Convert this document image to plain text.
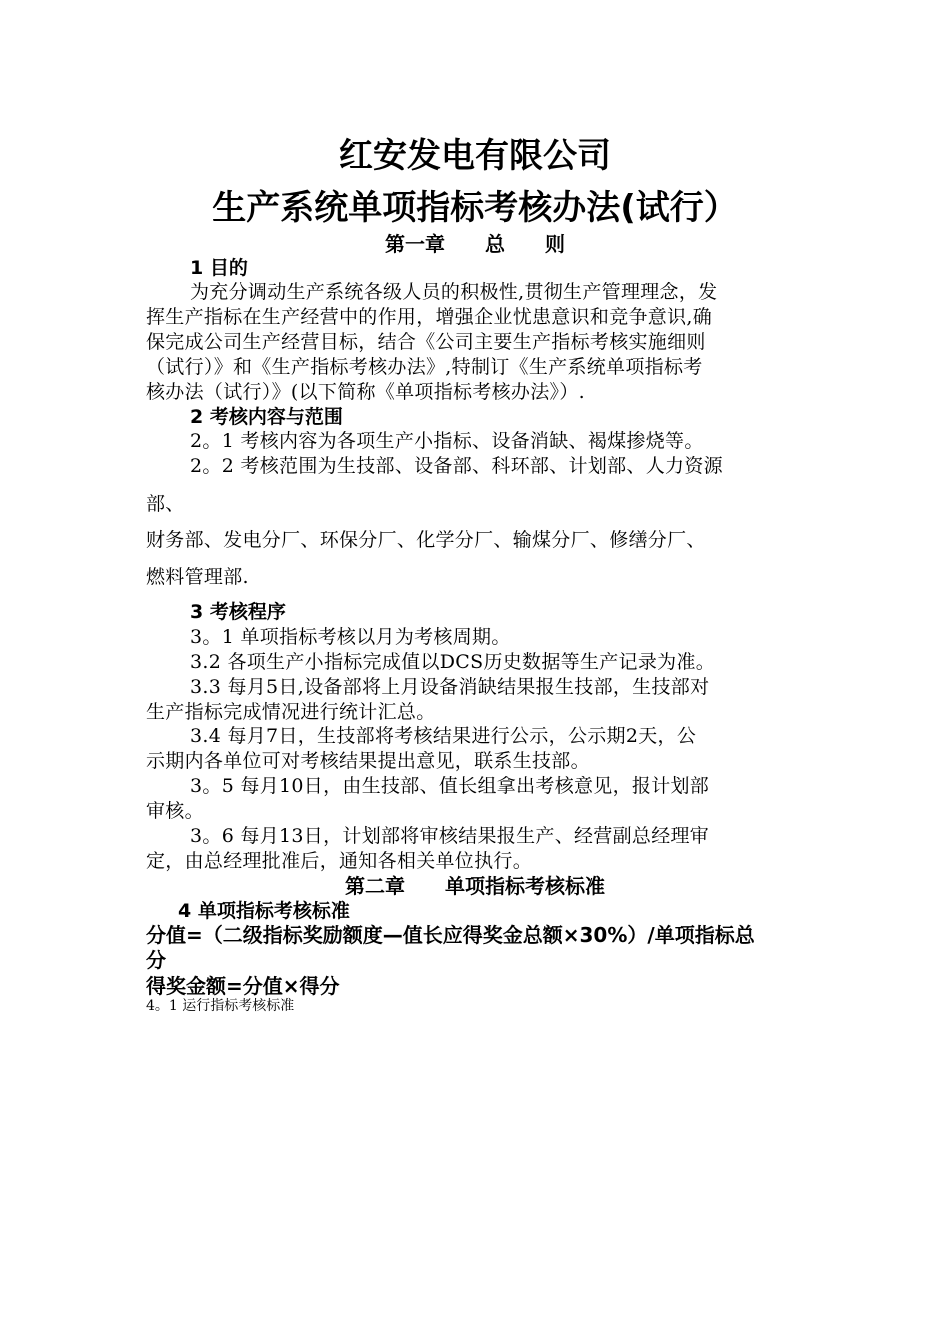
红安发电有限公司
生产系统单项指标考核办法(试行）
第一章　　总　　则
1 目的
为充分调动生产系统各级人员的积极性,贯彻生产管理理念，发
挥生产指标在生产经营中的作用，增强企业忧患意识和竞争意识,确
保完成公司生产经营目标，结合《公司主要生产指标考核实施细则
（试行）》和《生产指标考核办法》,特制订《生产系统单项指标考
核办法（试行）》(以下简称《单项指标考核办法》）.
2 考核内容与范围
2。1 考核内容为各项生产小指标、设备消缺、褐煤掺烧等。
2。2 考核范围为生技部、设备部、科环部、计划部、人力资源
部、
财务部、发电分厂、环保分厂、化学分厂、输煤分厂、修缮分厂、
燃料管理部.
3 考核程序
3。1 单项指标考核以月为考核周期。
3.2 各项生产小指标完成值以DCS历史数据等生产记录为准。
3.3 每月5日,设备部将上月设备消缺结果报生技部，生技部对
生产指标完成情况进行统计汇总。
3.4 每月7日，生技部将考核结果进行公示，公示期2天，公
示期内各单位可对考核结果提出意见，联系生技部。
3。5 每月10日，由生技部、值长组拿出考核意见，报计划部
审核。
3。6 每月13日，计划部将审核结果报生产、经营副总经理审
定，由总经理批准后，通知各相关单位执行。
第二章　　单项指标考核标准
4 单项指标考核标准
分值=（二级指标奖励额度—值长应得奖金总额×30%）/单项指标总
分
得奖金额=分值×得分
4。1 运行指标考核标准
